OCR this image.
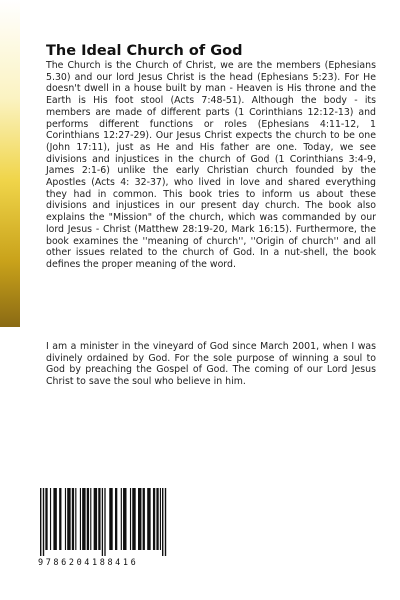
The Ideal Church of God
The Church is the Church of Christ, we are the members (Ephesians 5.30) and our lord Jesus Christ is the head (Ephesians 5:23). For He doesn't dwell in a house built by man - Heaven is His throne and the Earth is His foot stool (Acts 7:48-51). Although the body - its members are made of different parts (1 Corinthians 12:12-13) and performs different functions or roles (Ephesians 4:11-12, 1 Corinthians 12:27-29). Our Jesus Christ expects the church to be one (John 17:11), just as He and His father are one. Today, we see divisions and injustices in the church of God (1 Corinthians 3:4-9, James 2:1-6) unlike the early Christian church founded by the Apostles (Acts 4: 32-37), who lived in love and shared everything they had in common. This book tries to inform us about these divisions and injustices in our present day church. The book also explains the "Mission" of the church, which was commanded by our lord Jesus - Christ (Matthew 28:19-20, Mark 16:15). Furthermore, the book examines the ''meaning of church'', ''Origin of church'' and all other issues related to the church of God. In a nut-shell, the book defines the proper meaning of the word.
I am a minister in the vineyard of God since March 2001, when I was divinely ordained by God. For the sole purpose of winning a soul to God by preaching the Gospel of God. The coming of our Lord Jesus Christ to save the soul who believe in him.
9786204188416
